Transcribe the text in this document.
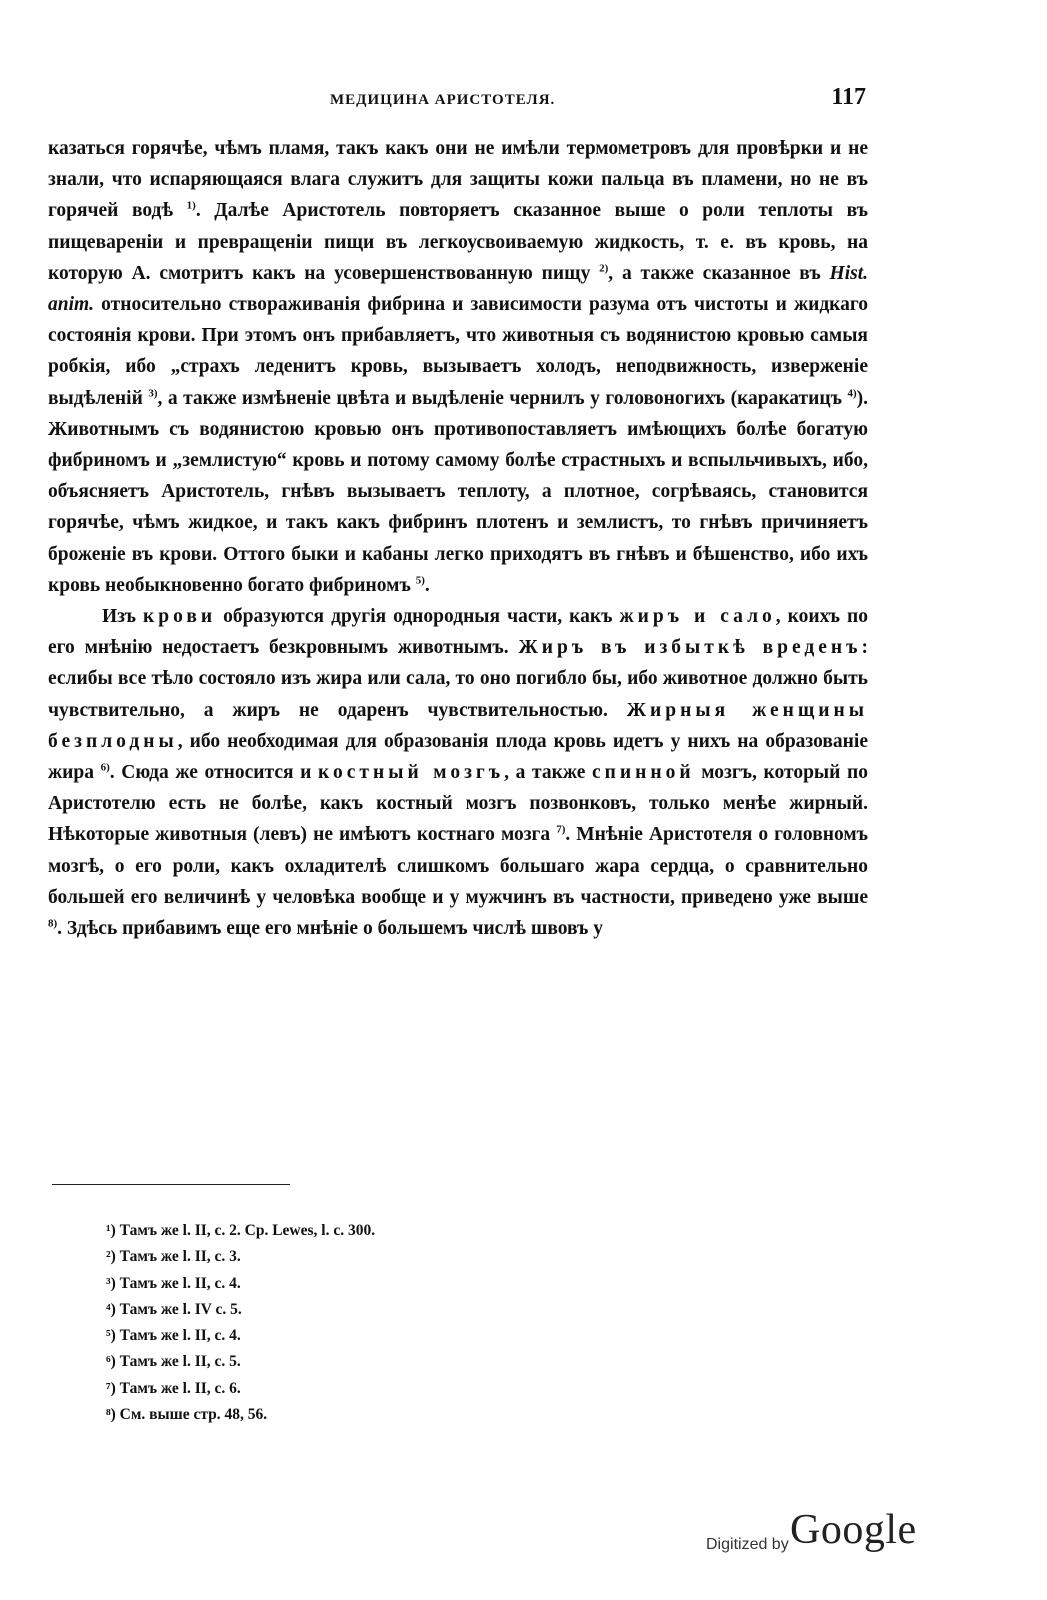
МЕДИЦИНА АРИСТОТЕЛЯ.	117

казаться горячѣе, чѣмъ пламя, такъ какъ они не имѣли термометровъ для провѣрки и не знали, что испаряющаяся влага служитъ для защиты кожи пальца въ пламени, но не въ горячей водѣ $^{1)}$. Далѣе Аристотель повторяетъ сказанное выше о роли теплоты въ пищевареніи и превращеніи пищи въ легкоусвоиваемую жидкость, т. е. въ кровь, на которую А. смотритъ какъ на усовершенствованную пищу $^{2)}$, а также сказанное въ Hist. anim. относительно створаживанія фибрина и зависимости разума отъ чистоты и жидкаго состоянія крови. При этомъ онъ прибавляетъ, что животныя съ водянистою кровью самыя робкія, ибо „страхъ леденитъ кровь, вызываетъ холодъ, неподвижность, изверженіе выдѣленій $^{3)}$, а также измѣненіе цвѣта и выдѣленіе чернилъ у головоногихъ (каракатицъ $^{4)}$). Животнымъ съ водянистою кровью онъ противопоставляетъ имѣющихъ болѣе богатую фибриномъ и „землистую“ кровь и потому самому болѣе страстныхъ и вспыльчивыхъ, ибо, объясняетъ Аристотель, гнѣвъ вызываетъ теплоту, а плотное, согрѣваясь, становится горячѣе, чѣмъ жидкое, и такъ какъ фибринъ плотенъ и землистъ, то гнѣвъ причиняетъ броженіе въ крови. Оттого быки и кабаны легко приходятъ въ гнѣвъ и бѣшенство, ибо ихъ кровь необыкновенно богато фибриномъ $^{5)}$.

Изъ крови образуются другія однородныя части, какъ жиръ и сало, коихъ по его мнѣнію недостаетъ безкровнымъ животнымъ. Жиръ въ избыткѣ вреденъ: еслибы все тѣло состояло изъ жира или сала, то оно погибло бы, ибо животное должно быть чувствительно, а жиръ не одаренъ чувствительностью. Жирныя женщины безплодны, ибо необходимая для образованія плода кровь идетъ у нихъ на образованіе жира $^{6)}$. Сюда же относится и костный мозгъ, а также спинной мозгъ, который по Аристотелю есть не болѣе, какъ костный мозгъ позвонковъ, только менѣе жирный. Нѣкоторые животныя (левъ) не имѣютъ костнаго мозга $^{7)}$. Мнѣніе Аристотеля о головномъ мозгѣ, о его роли, какъ охладителѣ слишкомъ большаго жара сердца, о сравнительно большей его величинѣ у человѣка вообще и у мужчинъ въ частности, приведено уже выше $^{8)}$. Здѣсь прибавимъ еще его мнѣніе о большемъ числѣ швовъ у

¹) Тамъ же l. II, c. 2. Ср. Lewes, l. c. 300.
²) Тамъ же l. II, c. 3.
³) Тамъ же l. II, c. 4.
⁴) Тамъ же l. IV c. 5.
⁵) Тамъ же l. II, c. 4.
⁶) Тамъ же l. II, c. 5.
⁷) Тамъ же l. II, c. 6.
⁸) См. выше стр. 48, 56.
Digitized by Google
